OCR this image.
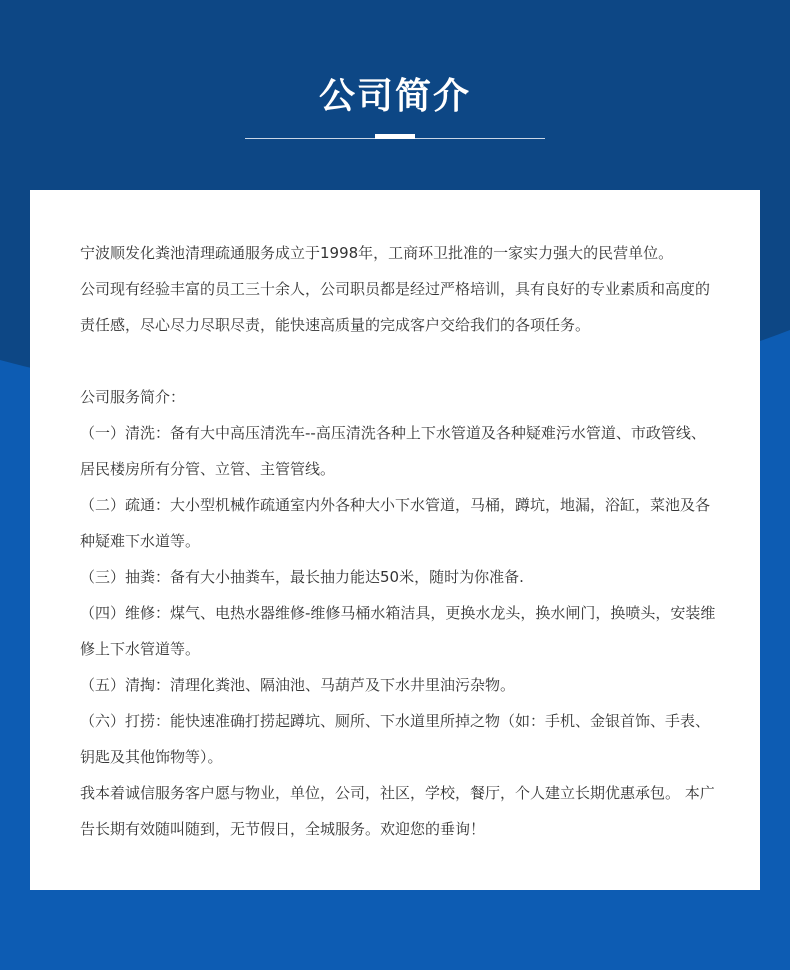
公司简介

宁波顺发化粪池清理疏通服务成立于1998年，工商环卫批准的一家实力强大的民营单位。

公司现有经验丰富的员工三十余人，公司职员都是经过严格培训，具有良好的专业素质和高度的责任感，尽心尽力尽职尽责，能快速高质量的完成客户交给我们的各项任务。

公司服务简介：

（一）清洗：备有大中高压清洗车--高压清洗各种上下水管道及各种疑难污水管道、市政管线、居民楼房所有分管、立管、主管管线。

（二）疏通：大小型机械作疏通室内外各种大小下水管道，马桶，蹲坑，地漏，浴缸，菜池及各种疑难下水道等。

（三）抽粪：备有大小抽粪车，最长抽力能达50米，随时为你准备.

（四）维修：煤气、电热水器维修-维修马桶水箱洁具，更换水龙头，换水闸门，换喷头，安装维修上下水管道等。

（五）清掏：清理化粪池、隔油池、马葫芦及下水井里油污杂物。

（六）打捞：能快速准确打捞起蹲坑、厕所、下水道里所掉之物（如：手机、金银首饰、手表、钥匙及其他饰物等）。

我本着诚信服务客户愿与物业，单位，公司，社区，学校，餐厅，个人建立长期优惠承包。 本广告长期有效随叫随到，无节假日，全城服务。欢迎您的垂询！
